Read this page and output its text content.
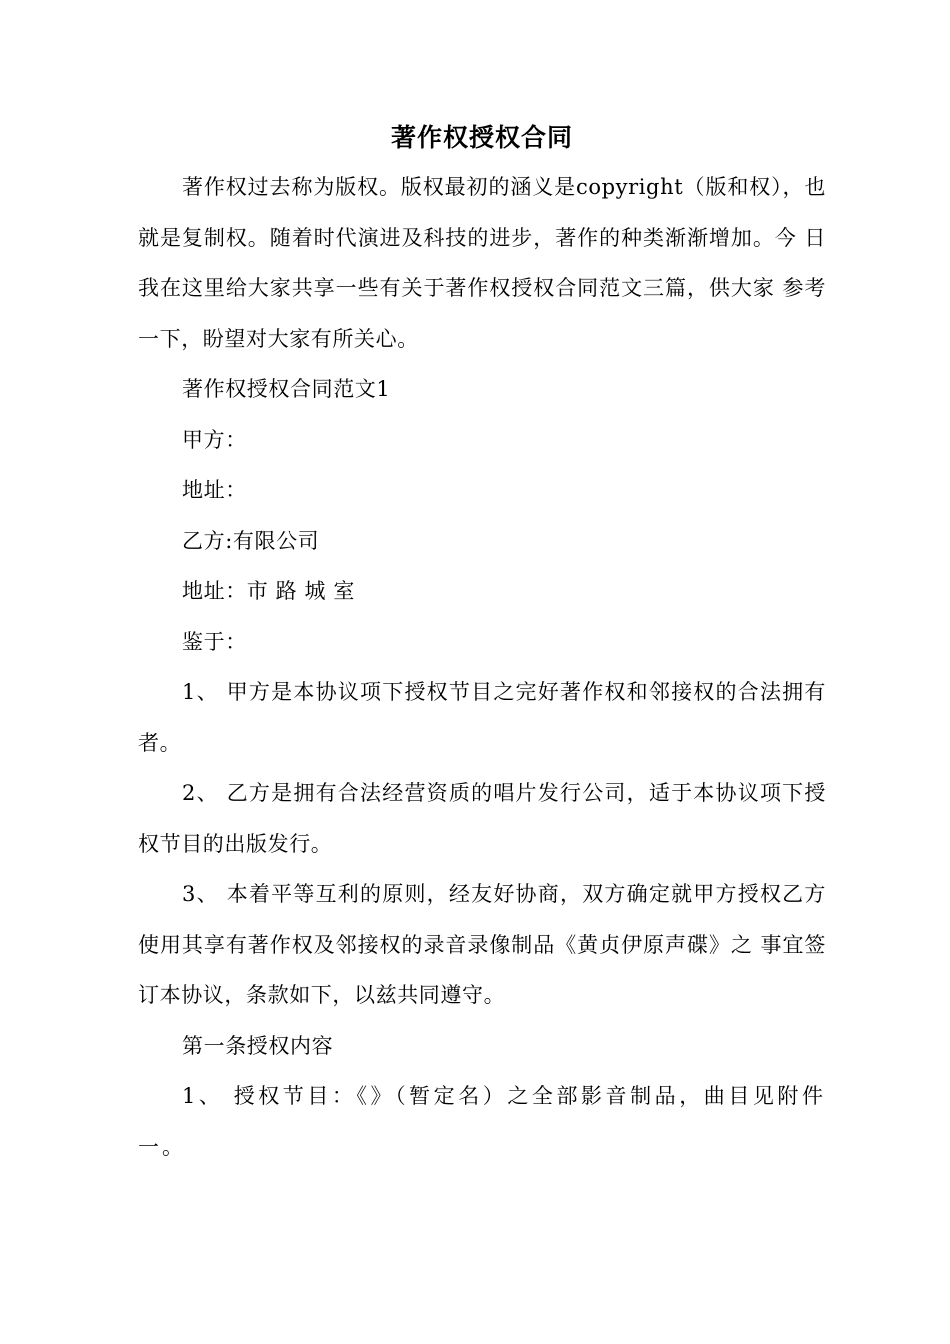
著作权授权合同

著作权过去称为版权。版权最初的涵义是copyright（版和权），也 就是复制权。随着时代演进及科技的进步，著作的种类渐渐增加。今 日我在这里给大家共享一些有关于著作权授权合同范文三篇，供大家 参考一下，盼望对大家有所关心。

著作权授权合同范文1

甲方：

地址：

乙方:有限公司

地址：市 路 城 室

鉴于：

1、 甲方是本协议项下授权节目之完好著作权和邻接权的合法拥有者。

2、 乙方是拥有合法经营资质的唱片发行公司，适于本协议项下授权节目的出版发行。

3、 本着平等互利的原则，经友好协商，双方确定就甲方授权乙方使用其享有著作权及邻接权的录音录像制品《黄贞伊原声碟》之 事宜签订本协议，条款如下，以兹共同遵守。

第一条授权内容

1、 授权节目：《》（暂定名）之全部影音制品，曲目见附件一。
